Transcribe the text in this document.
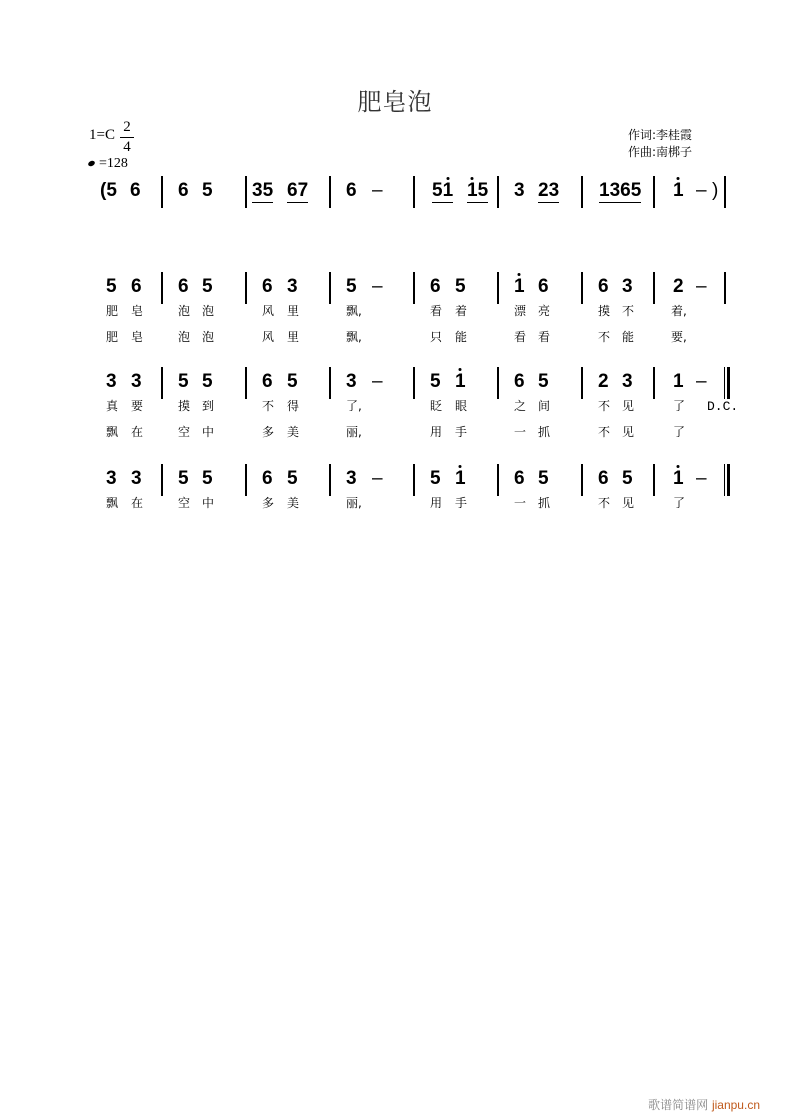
肥皂泡
1=C 2
4
=128
作词:李桂霞
作曲:南梆子
(5 6 6 5 35 67 6 –	51 15 3 23 1365 1 – )
5 6 6 5	6 3	5 – 6 5	1 6	6 3 2 –
肥 皂	泡 泡	风 里	飘,	看 着	漂 亮	摸 不	着,
肥 皂	泡 泡	风 里	飘,	只 能	看 看	不 能	要,
3 3 5 5	6 5	3 – 5 1	6 5	2 3 1 –
D.C.
真 要	摸 到	不 得	了,	眨 眼	之 间	不 见	了
飘 在	空 中	多 美	丽,	用 手	一 抓	不 见	了
3 3 5 5	6 5	3 – 5 1	6 5	6 5 1 –
飘 在	空 中	多 美	丽,	用 手	一 抓	不 见	了
歌谱简谱网 jianpu.cn
